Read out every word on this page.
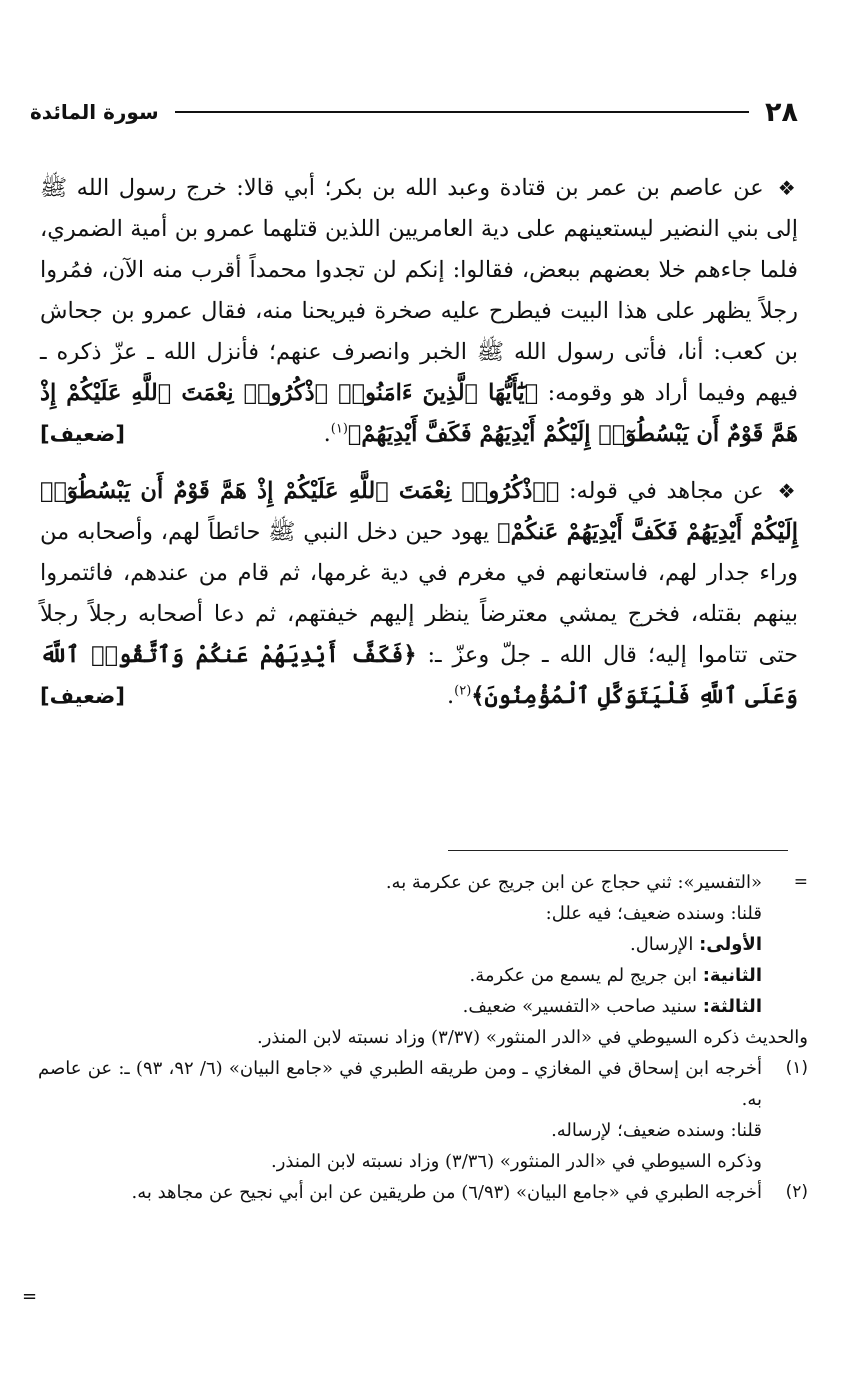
٢٨
سورة المائدة

❖عن عاصم بن عمر بن قتادة وعبد الله بن بكر؛ أبي قالا: خرج رسول الله ﷺ إلى بني النضير ليستعينهم على دية العامريين اللذين قتلهما عمرو بن أمية الضمري، فلما جاءهم خلا بعضهم ببعض، فقالوا: إنكم لن تجدوا محمداً أقرب منه الآن، فمُروا رجلاً يظهر على هذا البيت فيطرح عليه صخرة فيريحنا منه، فقال عمرو بن جحاش بن كعب: أنا، فأتى رسول الله ﷺ الخبر وانصرف عنهم؛ فأنزل الله ـ عزّ ذكره ـ فيهم وفيما أراد هو وقومه: ﴿يَٰٓأَيُّهَا ٱلَّذِينَ ءَامَنُوا۟ ٱذْكُرُوا۟ نِعْمَتَ ٱللَّهِ عَلَيْكُمْ إِذْ هَمَّ قَوْمٌ أَن يَبْسُطُوٓا۟ إِلَيْكُمْ أَيْدِيَهُمْ فَكَفَّ أَيْدِيَهُمْ﴾$^{(١)}$.
[ضعيف]

❖عن مجاهد في قوله: ﴿ٱذْكُرُوا۟ نِعْمَتَ ٱللَّهِ عَلَيْكُمْ إِذْ هَمَّ قَوْمٌ أَن يَبْسُطُوٓا۟ إِلَيْكُمْ أَيْدِيَهُمْ فَكَفَّ أَيْدِيَهُمْ عَنكُمْ﴾ يهود حين دخل النبي ﷺ حائطاً لهم، وأصحابه من وراء جدار لهم، فاستعانهم في مغرم في دية غرمها، ثم قام من عندهم، فائتمروا بينهم بقتله، فخرج يمشي معترضاً ينظر إليهم خيفتهم، ثم دعا أصحابه رجلاً رجلاً حتى تتاموا إليه؛ قال الله ـ جلّ وعزّ ـ: ﴿فَكَفَّ أَيْدِيَهُمْ عَنكُمْ وَٱتَّقُوا۟ ٱللَّهَ وَعَلَى ٱللَّهِ فَلْيَتَوَكَّلِ ٱلْمُؤْمِنُونَ﴾$^{(٢)}$.
[ضعيف]

=
«التفسير»: ثني حجاج عن ابن جريج عن عكرمة به.
قلنا: وسنده ضعيف؛ فيه علل:
الأولى: الإرسال.
الثانية: ابن جريج لم يسمع من عكرمة.
الثالثة: سنيد صاحب «التفسير» ضعيف.
والحديث ذكره السيوطي في «الدر المنثور» (٣/٣٧) وزاد نسبته لابن المنذر.
(١)
أخرجه ابن إسحاق في المغازي ـ ومن طريقه الطبري في «جامع البيان» (٦/ ٩٢، ٩٣) ـ: عن عاصم به.
قلنا: وسنده ضعيف؛ لإرساله.
وذكره السيوطي في «الدر المنثور» (٣/٣٦) وزاد نسبته لابن المنذر.
(٢)
أخرجه الطبري في «جامع البيان» (٦/٩٣) من طريقين عن ابن أبي نجيح عن مجاهد به.
=
